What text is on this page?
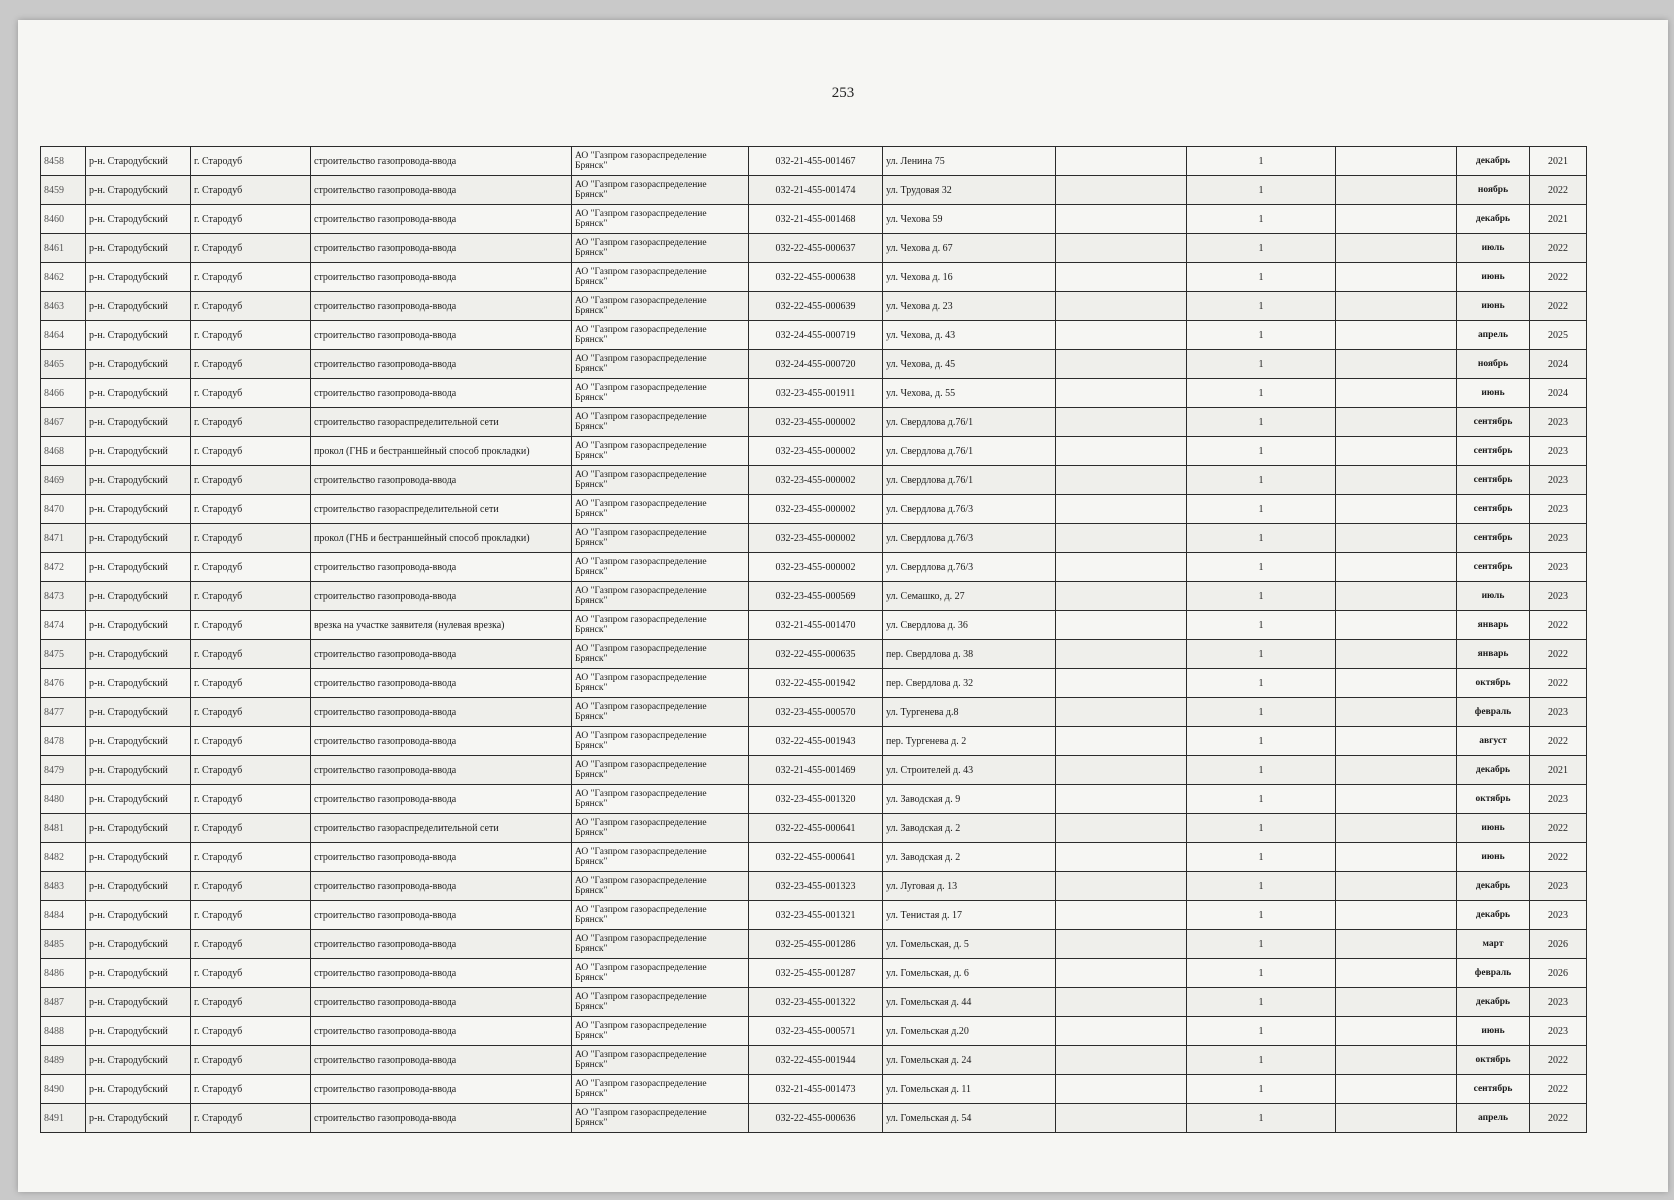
253
8458	р-н. Стародубский	г. Стародуб	строительство газопровода-ввода	АО "Газпром газораспределение
Брянск"	032-21-455-001467	ул. Ленина 75		1		декабрь	2021
8459	р-н. Стародубский	г. Стародуб	строительство газопровода-ввода	АО "Газпром газораспределение
Брянск"	032-21-455-001474	ул. Трудовая 32		1		ноябрь	2022
8460	р-н. Стародубский	г. Стародуб	строительство газопровода-ввода	АО "Газпром газораспределение
Брянск"	032-21-455-001468	ул. Чехова 59		1		декабрь	2021
8461	р-н. Стародубский	г. Стародуб	строительство газопровода-ввода	АО "Газпром газораспределение
Брянск"	032-22-455-000637	ул. Чехова д. 67		1		июль	2022
8462	р-н. Стародубский	г. Стародуб	строительство газопровода-ввода	АО "Газпром газораспределение
Брянск"	032-22-455-000638	ул. Чехова д. 16		1		июнь	2022
8463	р-н. Стародубский	г. Стародуб	строительство газопровода-ввода	АО "Газпром газораспределение
Брянск"	032-22-455-000639	ул. Чехова д. 23		1		июнь	2022
8464	р-н. Стародубский	г. Стародуб	строительство газопровода-ввода	АО "Газпром газораспределение
Брянск"	032-24-455-000719	ул. Чехова, д. 43		1		апрель	2025
8465	р-н. Стародубский	г. Стародуб	строительство газопровода-ввода	АО "Газпром газораспределение
Брянск"	032-24-455-000720	ул. Чехова, д. 45		1		ноябрь	2024
8466	р-н. Стародубский	г. Стародуб	строительство газопровода-ввода	АО "Газпром газораспределение
Брянск"	032-23-455-001911	ул. Чехова, д. 55		1		июнь	2024
8467	р-н. Стародубский	г. Стародуб	строительство газораспределительной сети	АО "Газпром газораспределение
Брянск"	032-23-455-000002	ул. Свердлова д.76/1		1		сентябрь	2023
8468	р-н. Стародубский	г. Стародуб	прокол (ГНБ и бестраншейный способ прокладки)	АО "Газпром газораспределение
Брянск"	032-23-455-000002	ул. Свердлова д.76/1		1		сентябрь	2023
8469	р-н. Стародубский	г. Стародуб	строительство газопровода-ввода	АО "Газпром газораспределение
Брянск"	032-23-455-000002	ул. Свердлова д.76/1		1		сентябрь	2023
8470	р-н. Стародубский	г. Стародуб	строительство газораспределительной сети	АО "Газпром газораспределение
Брянск"	032-23-455-000002	ул. Свердлова д.76/3		1		сентябрь	2023
8471	р-н. Стародубский	г. Стародуб	прокол (ГНБ и бестраншейный способ прокладки)	АО "Газпром газораспределение
Брянск"	032-23-455-000002	ул. Свердлова д.76/3		1		сентябрь	2023
8472	р-н. Стародубский	г. Стародуб	строительство газопровода-ввода	АО "Газпром газораспределение
Брянск"	032-23-455-000002	ул. Свердлова д.76/3		1		сентябрь	2023
8473	р-н. Стародубский	г. Стародуб	строительство газопровода-ввода	АО "Газпром газораспределение
Брянск"	032-23-455-000569	ул. Семашко, д. 27		1		июль	2023
8474	р-н. Стародубский	г. Стародуб	врезка на участке заявителя (нулевая врезка)	АО "Газпром газораспределение
Брянск"	032-21-455-001470	ул. Свердлова д. 36		1		январь	2022
8475	р-н. Стародубский	г. Стародуб	строительство газопровода-ввода	АО "Газпром газораспределение
Брянск"	032-22-455-000635	пер. Свердлова д. 38		1		январь	2022
8476	р-н. Стародубский	г. Стародуб	строительство газопровода-ввода	АО "Газпром газораспределение
Брянск"	032-22-455-001942	пер. Свердлова д. 32		1		октябрь	2022
8477	р-н. Стародубский	г. Стародуб	строительство газопровода-ввода	АО "Газпром газораспределение
Брянск"	032-23-455-000570	ул. Тургенева д.8		1		февраль	2023
8478	р-н. Стародубский	г. Стародуб	строительство газопровода-ввода	АО "Газпром газораспределение
Брянск"	032-22-455-001943	пер. Тургенева д. 2		1		август	2022
8479	р-н. Стародубский	г. Стародуб	строительство газопровода-ввода	АО "Газпром газораспределение
Брянск"	032-21-455-001469	ул. Строителей д. 43		1		декабрь	2021
8480	р-н. Стародубский	г. Стародуб	строительство газопровода-ввода	АО "Газпром газораспределение
Брянск"	032-23-455-001320	ул. Заводская д. 9		1		октябрь	2023
8481	р-н. Стародубский	г. Стародуб	строительство газораспределительной сети	АО "Газпром газораспределение
Брянск"	032-22-455-000641	ул. Заводская д. 2		1		июнь	2022
8482	р-н. Стародубский	г. Стародуб	строительство газопровода-ввода	АО "Газпром газораспределение
Брянск"	032-22-455-000641	ул. Заводская д. 2		1		июнь	2022
8483	р-н. Стародубский	г. Стародуб	строительство газопровода-ввода	АО "Газпром газораспределение
Брянск"	032-23-455-001323	ул. Луговая д. 13		1		декабрь	2023
8484	р-н. Стародубский	г. Стародуб	строительство газопровода-ввода	АО "Газпром газораспределение
Брянск"	032-23-455-001321	ул. Тенистая д. 17		1		декабрь	2023
8485	р-н. Стародубский	г. Стародуб	строительство газопровода-ввода	АО "Газпром газораспределение
Брянск"	032-25-455-001286	ул. Гомельская, д. 5		1		март	2026
8486	р-н. Стародубский	г. Стародуб	строительство газопровода-ввода	АО "Газпром газораспределение
Брянск"	032-25-455-001287	ул. Гомельская, д. 6		1		февраль	2026
8487	р-н. Стародубский	г. Стародуб	строительство газопровода-ввода	АО "Газпром газораспределение
Брянск"	032-23-455-001322	ул. Гомельская д. 44		1		декабрь	2023
8488	р-н. Стародубский	г. Стародуб	строительство газопровода-ввода	АО "Газпром газораспределение
Брянск"	032-23-455-000571	ул. Гомельская д.20		1		июнь	2023
8489	р-н. Стародубский	г. Стародуб	строительство газопровода-ввода	АО "Газпром газораспределение
Брянск"	032-22-455-001944	ул. Гомельская д. 24		1		октябрь	2022
8490	р-н. Стародубский	г. Стародуб	строительство газопровода-ввода	АО "Газпром газораспределение
Брянск"	032-21-455-001473	ул. Гомельская д. 11		1		сентябрь	2022
8491	р-н. Стародубский	г. Стародуб	строительство газопровода-ввода	АО "Газпром газораспределение
Брянск"	032-22-455-000636	ул. Гомельская д. 54		1		апрель	2022
